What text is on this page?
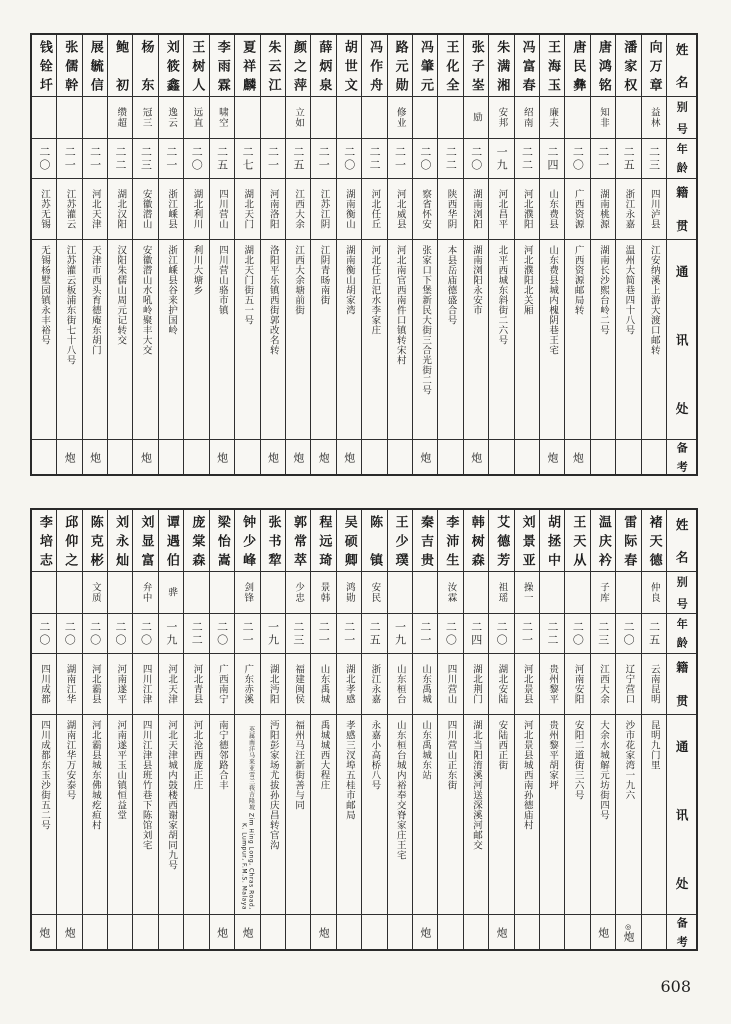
姓名
别号
年龄
籍贯
通讯处
备考
向万章
益林
二三
四川泸县
江安纳溪上游大渡口邮转
潘家权
二五
浙江永嘉
温州大简巷四十八号
唐鸿铭
知非
二一
湖南桃源
湖南长沙熙台岭二号
唐民彝
二〇
广西资源
广西资源邮局转
炮
王海玉
廉夫
二四
山东费县
山东费县城内槐阴巷王宅
炮
冯富春
绍南
二二
河北濮阳
河北濮阳北关厢
朱满湘
安邦
一九
河北昌平
北平西城东斜街二六号
张子峑
励
二〇
湖南浏阳
湖南浏阳永安市
炮
王化全
二二
陕西华阴
本县岳庙德盛合号
冯肇元
二〇
察省怀安
张家口下堡新民大街三合光街二号
炮
路元勋
修业
二一
河北威县
河北南官西南件口镇转宋村
冯作舟
二二
河北任丘
河北任丘汜水李家庄
胡世文
二〇
湖南衡山
湖南衡山胡家湾
炮
薛炳泉
二一
江苏江阴
江阴青旸南街
炮
颜之萍
立如
二五
江西大余
江西大余塘前街
炮
朱云江
二一
河南洛阳
洛阳平乐镇西街郭改名转
炮
夏祥麟
二七
湖北天门
湖北天门街五一号
李雨霖
啸空
二五
四川营山
四川营山骆市镇
炮
王树人
远直
二〇
湖北利川
利川大塘乡
刘筱鑫
逸云
二一
浙江嵊县
浙江嵊县谷来护国岭
杨东
冠三
二三
安徽潜山
安徽潜山水吼岭聚丰大交
炮
鲍初
缵超
二二
湖北汉阳
汉阳朱儒山周元记转交
展毓信
二一
河北天津
天津市西头育德庵东胡门
炮
张儒幹
二一
江苏灌云
江苏灌云板浦东街七十八号
炮
钱铨圲
二〇
江苏无锡
无锡杨墅园镇永丰裕号
姓名
别号
年龄
籍贯
通讯处
备考
褚天德
仲良
二五
云南昆明
昆明九门里
雷际春
二〇
辽宁营口
沙市花家湾一九六
炮◎
温庆衿
子库
二三
江西大余
大余水城解元坊街四号
炮
王天从
二〇
河南安阳
安阳二道街三六号
胡拯中
二二
贵州黎平
贵州黎平胡家坪
刘景亚
操一
二一
河北景县
河北景县城西南孙德庙村
艾德芳
祖瑶
二〇
湖北安陆
安陆西正街
炮
韩树森
二四
湖北荆门
湖北当阳淯溪河送深溪河邮交
李沛生
汝霖
二〇
四川营山
四川营山正东街
秦吉贵
二一
山东禹城
山东禹城东站
炮
王少璞
一九
山东桓台
山东桓台城内裕奉交脊家庄王宅
陈镇
安民
二五
浙江永嘉
永嘉小高桥八号
吴硕卿
鸿勋
二一
湖北孝感
孝感三汊埠五桂市邮局
程远琦
景韩
二一
山东禹城
禹城城西大程庄
炮
郭常萃
少忠
二三
福建闽侯
福州马汪新街善与同
张书犂
一九
湖北沔阳
沔阳彭家场尤拔孙庆昌转官沟
钟少峰
剑锋
二一
广东赤溪
英属南洋马来亚雪兰莪吉隆坡 Zim Hing Long, Chras Road, K. Lumpur, F.M.S. Malaya
炮
梁怡嵩
二〇
广西南宁
南宁德邻路合丰
炮
庞棠森
二二
河北青县
河北沧西庞正庄
谭遇伯
骅
一九
河北天津
河北天津城内鼓楼西谢家胡同九号
刘显富
弁中
二〇
四川江津
四川江津县班竹巷下陈馆刘宅
刘永灿
二〇
河南遂平
河南遂平玉山镇恒益堂
陈克彬
文质
二〇
河北霸县
河北霸县城东佛城疙疸村
邱仰之
二〇
湖南江华
湖南江华万安泰号
炮
李培志
二〇
四川成都
四川成都东玉沙街五二号
炮
608
